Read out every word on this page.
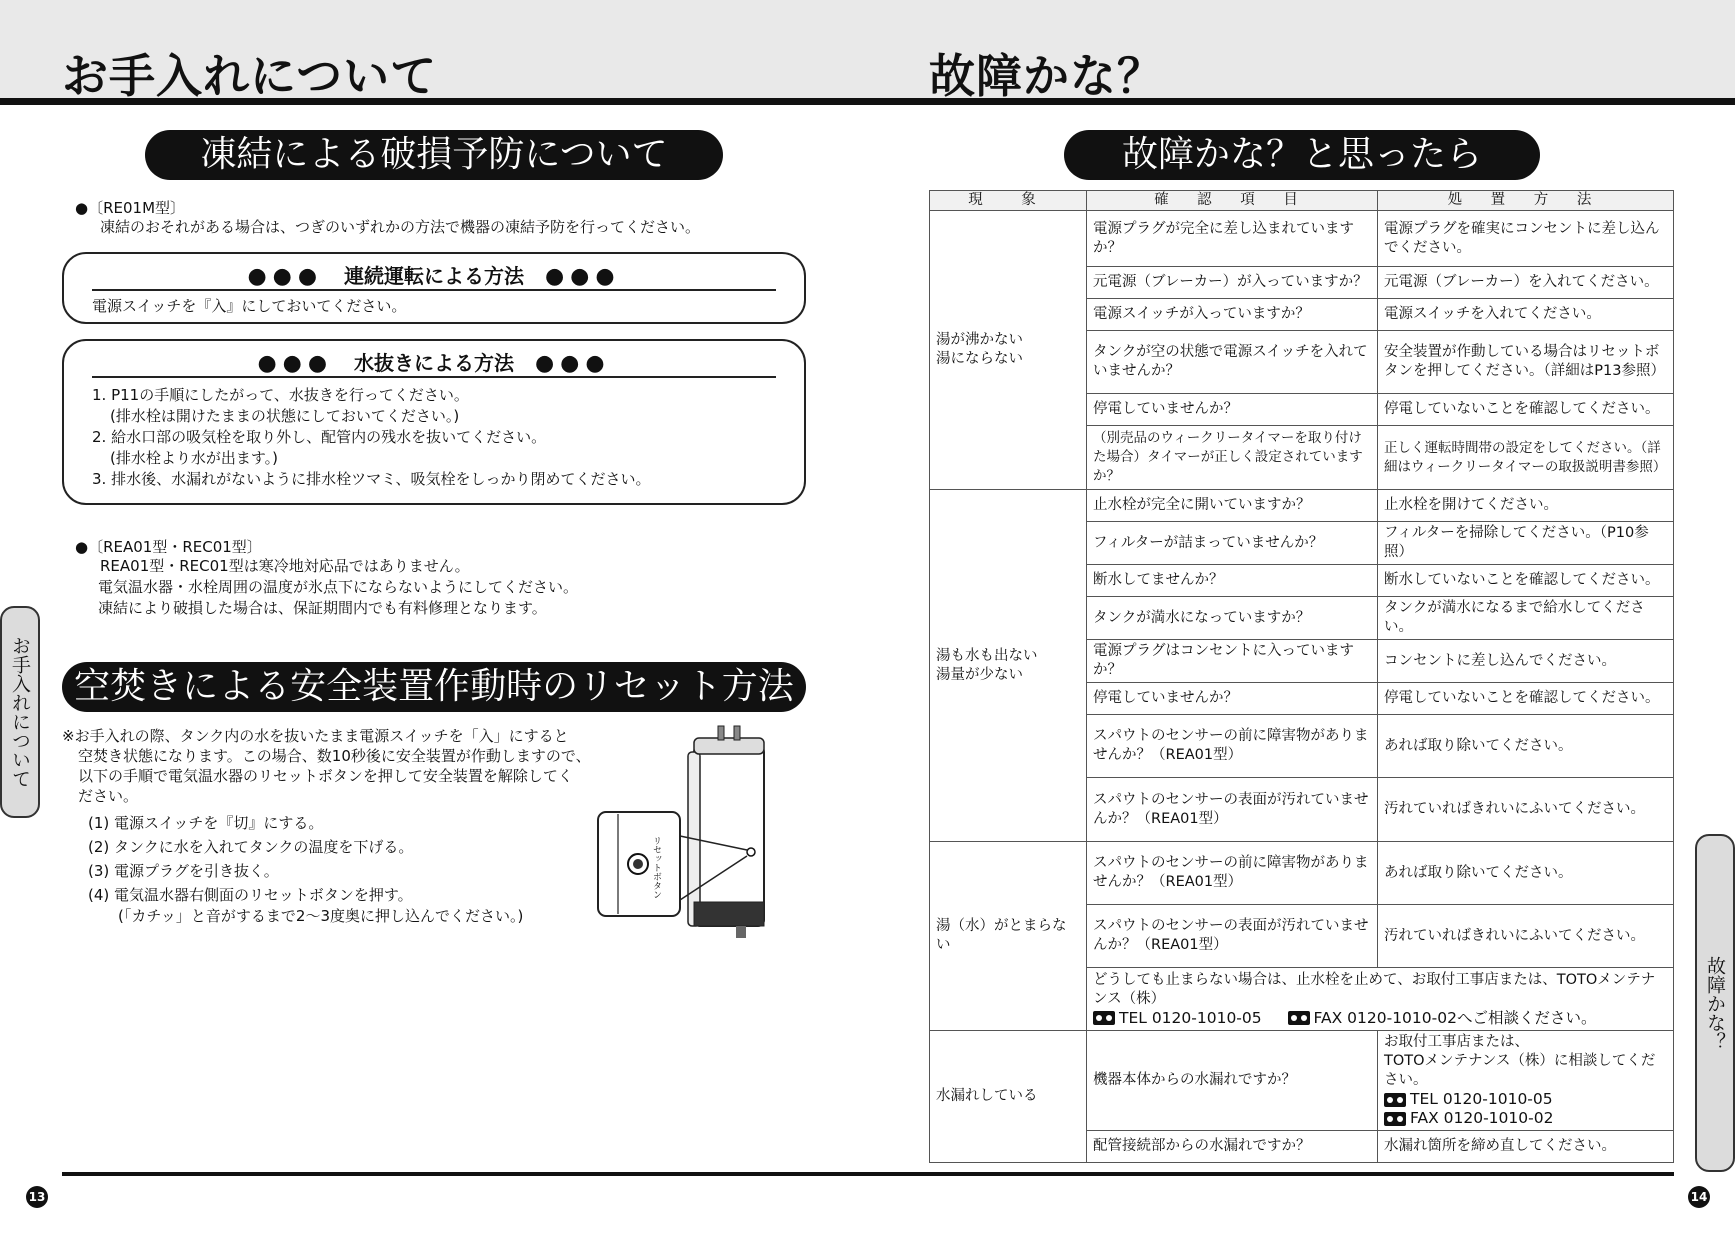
お手入れについて	故障かな？
凍結による破損予防について
●〔RE01M型〕
凍結のおそれがある場合は、つぎのいずれかの方法で機器の凍結予防を行ってください。
●●● 連続運転による方法 ●●●
電源スイッチを『入』にしておいてください。
●●● 水抜きによる方法 ●●●
1. P11の手順にしたがって、水抜きを行ってください。
(排水栓は開けたままの状態にしておいてください。)
2. 給水口部の吸気栓を取り外し、配管内の残水を抜いてください。
(排水栓より水が出ます。)
3. 排水後、水漏れがないように排水栓ツマミ、吸気栓をしっかり閉めてください。
●〔REA01型・REC01型〕
REA01型・REC01型は寒冷地対応品ではありません。
電気温水器・水栓周囲の温度が氷点下にならないようにしてください。
凍結により破損した場合は、保証期間内でも有料修理となります。
空焚きによる安全装置作動時のリセット方法
※お手入れの際、タンク内の水を抜いたまま電源スイッチを「入」にすると
空焚き状態になります。この場合、数10秒後に安全装置が作動しますので、
以下の手順で電気温水器のリセットボタンを押して安全装置を解除してく
ださい。
(1) 電源スイッチを『切』にする。
(2) タンクに水を入れてタンクの温度を下げる。
(3) 電源プラグを引き抜く。
(4) 電気温水器右側面のリセットボタンを押す。
(「カチッ」と音がするまで2〜3度奥に押し込んでください。)
リセットボタン
お手入れについて
故障かな？と思ったら
現　象	確 認 項 目	処 置 方 法
湯が沸かない
湯にならない	電源プラグが完全に差し込まれていますか？	電源プラグを確実にコンセントに差し込んでください。
	元電源（ブレーカー）が入っていますか？	元電源（ブレーカー）を入れてください。
	電源スイッチが入っていますか？	電源スイッチを入れてください。
	タンクが空の状態で電源スイッチを入れていませんか？	安全装置が作動している場合はリセットボタンを押してください。（詳細はP13参照）
	停電していませんか？	停電していないことを確認してください。
	（別売品のウィークリータイマーを取り付けた場合）タイマーが正しく設定されていますか？	正しく運転時間帯の設定をしてください。（詳細はウィークリータイマーの取扱説明書参照）
湯も水も出ない
湯量が少ない	止水栓が完全に開いていますか？	止水栓を開けてください。
	フィルターが詰まっていませんか？	フィルターを掃除してください。（P10参照）
	断水してませんか？	断水していないことを確認してください。
	タンクが満水になっていますか？	タンクが満水になるまで給水してください。
	電源プラグはコンセントに入っていますか？	コンセントに差し込んでください。
	停電していませんか？	停電していないことを確認してください。
	スパウトのセンサーの前に障害物がありませんか？（REA01型）	あれば取り除いてください。
	スパウトのセンサーの表面が汚れていませんか？（REA01型）	汚れていればきれいにふいてください。
湯（水）がとまらない	スパウトのセンサーの前に障害物がありませんか？（REA01型）	あれば取り除いてください。
	スパウトのセンサーの表面が汚れていませんか？（REA01型）	汚れていればきれいにふいてください。

	どうしても止まらない場合は、止水栓を止めて、お取付工事店または、TOTOメンテナンス（株）
TEL 0120-1010-05 FAX 0120-1010-02へご相談ください。	

水漏れしている	機器本体からの水漏れですか？	お取付工事店または、
TOTOメンテナンス（株）に相談してください。
TEL 0120-1010-05
FAX 0120-1010-02

	配管接続部からの水漏れですか？	水漏れ箇所を締め直してください。
故障かな？
13	14
